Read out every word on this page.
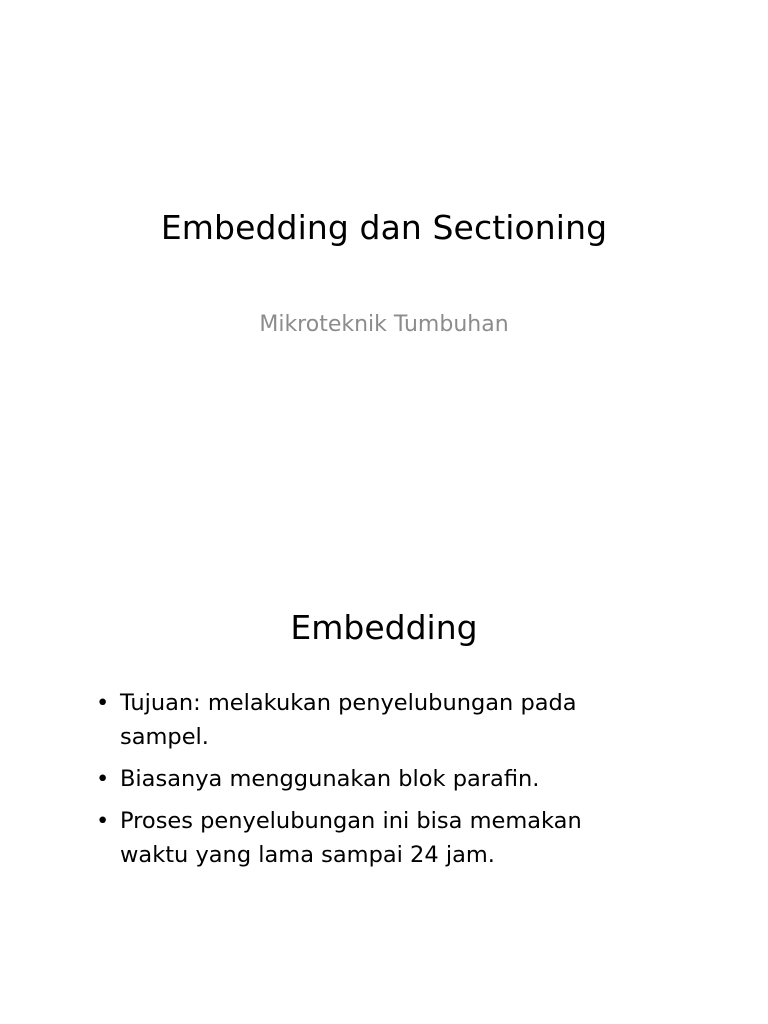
Embedding dan Sectioning

Mikroteknik Tumbuhan

Embedding
• Tujuan: melakukan penyelubungan pada sampel.
• Biasanya menggunakan blok parafin.
• Proses penyelubungan ini bisa memakan waktu yang lama sampai 24 jam.
